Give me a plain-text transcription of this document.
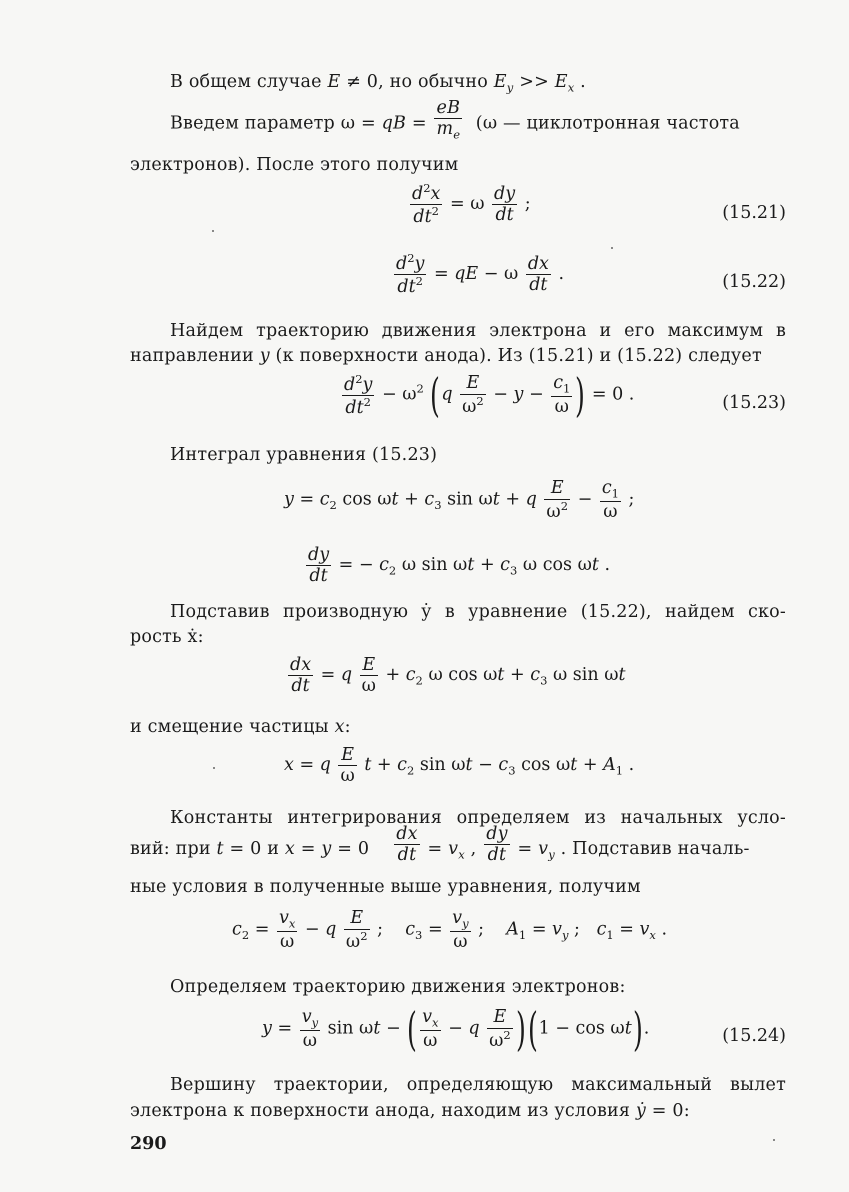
В общем случае E ≠ 0, но обычно $E_y >> E_x$ .
Введем параметр ω = qB = $\frac{eB}{m_e} (\omega$ — циклотронная частота
электронов). После этого получим
$\frac{d^2x}{dt^2} = \omega \frac{dy}{dt}$ ;	(15.21)
$\frac{d^2y}{dt^2}$ = qE − ω $\frac{dx}{dt}$ .	(15.22)
Найдем траекторию движения электрона и его максимум в
направлении y (к поверхности анода). Из (15.21) и (15.22) следует
$\frac{d^2y}{dt^2} - \omega^2$ ($q \frac{E}{\omega^2} - y - \frac{c_1}{\omega}$ ) = 0 .	(15.23)
Интеграл уравнения (15.23)
$y = c_2$ $\cos \omega t + c_3$ sin ωt + q $\frac{E}{\omega^2} - \frac{c_1}{\omega}$ ;
$\frac{dy}{dt}$ = − $c_2$ ω $\sin \omega t + c_3$ ω cos ωt .
Подставив производную ẏ в уравнение (15.22), найдем ско-
рость ẋ:
$\frac{dx}{dt} = q \frac{E}{\omega} + c_2$ ω $\cos \omega t + c_3$ ω sin ωt
и смещение частицы x:
x = q $\frac{E}{\omega}$ $t + c_2$ $\sin \omega t - c_3$ $\cos \omega t + A_1$ .
Константы интегрирования определяем из начальных усло-
вий: при t = 0 и $x = y = 0 \frac{dx}{dt} = v_x$ , $\frac{dy}{dt} = v_y$ . Подставив началь-
ные условия в полученные выше уравнения, получим
$c_2 = \frac{v_x}{\omega} - q \frac{E}{\omega^2}$ ;    $c_3 = \frac{v_y}{\omega}$ ;    $A_1 = v_y$ ;   $c_1 = v_x$ .
Определяем траекторию движения электронов:
$y = \frac{v_y}{\omega}$ sin ωt − ( $\frac{v_x}{\omega} - q \frac{E}{\omega^2} )(1 - \cos \omega t)$.	(15.24)
Вершину траектории, определяющую максимальный вылет
электрона к поверхности анода, находим из условия ẏ = 0:
290
